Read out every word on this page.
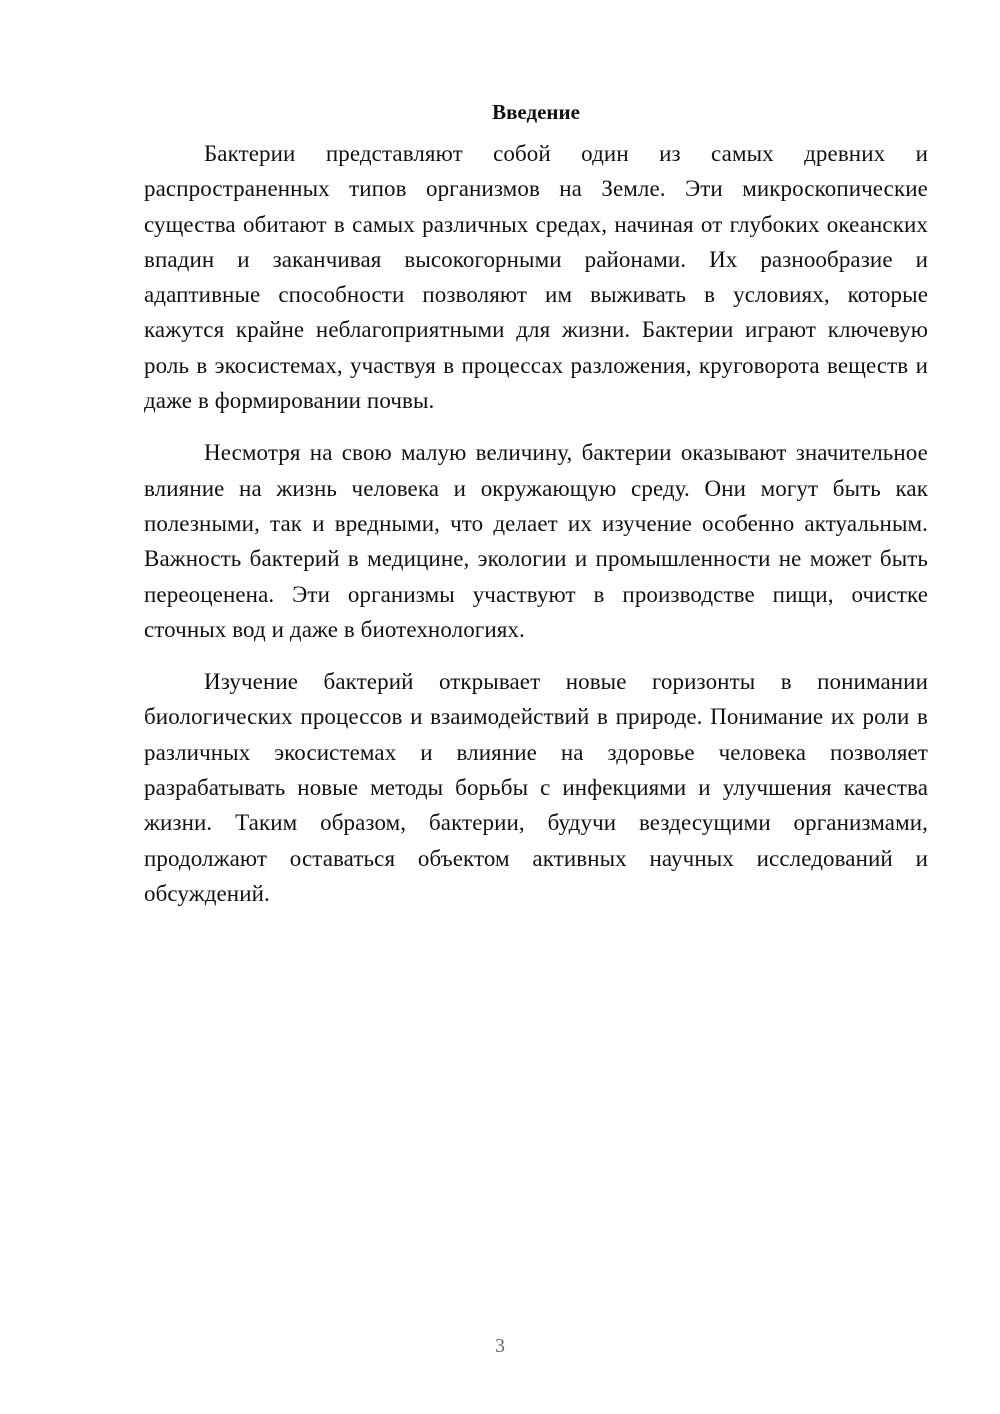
Введение

Бактерии представляют собой один из самых древних и распространенных типов организмов на Земле. Эти микроскопические существа обитают в самых различных средах, начиная от глубоких океанских впадин и заканчивая высокогорными районами. Их разнообразие и адаптивные способности позволяют им выживать в условиях, которые кажутся крайне неблагоприятными для жизни. Бактерии играют ключевую роль в экосистемах, участвуя в процессах разложения, круговорота веществ и даже в формировании почвы.

Несмотря на свою малую величину, бактерии оказывают значительное влияние на жизнь человека и окружающую среду. Они могут быть как полезными, так и вредными, что делает их изучение особенно актуальным. Важность бактерий в медицине, экологии и промышленности не может быть переоценена. Эти организмы участвуют в производстве пищи, очистке сточных вод и даже в биотехнологиях.

Изучение бактерий открывает новые горизонты в понимании биологических процессов и взаимодействий в природе. Понимание их роли в различных экосистемах и влияние на здоровье человека позволяет разрабатывать новые методы борьбы с инфекциями и улучшения качества жизни. Таким образом, бактерии, будучи вездесущими организмами, продолжают оставаться объектом активных научных исследований и обсуждений.

3
